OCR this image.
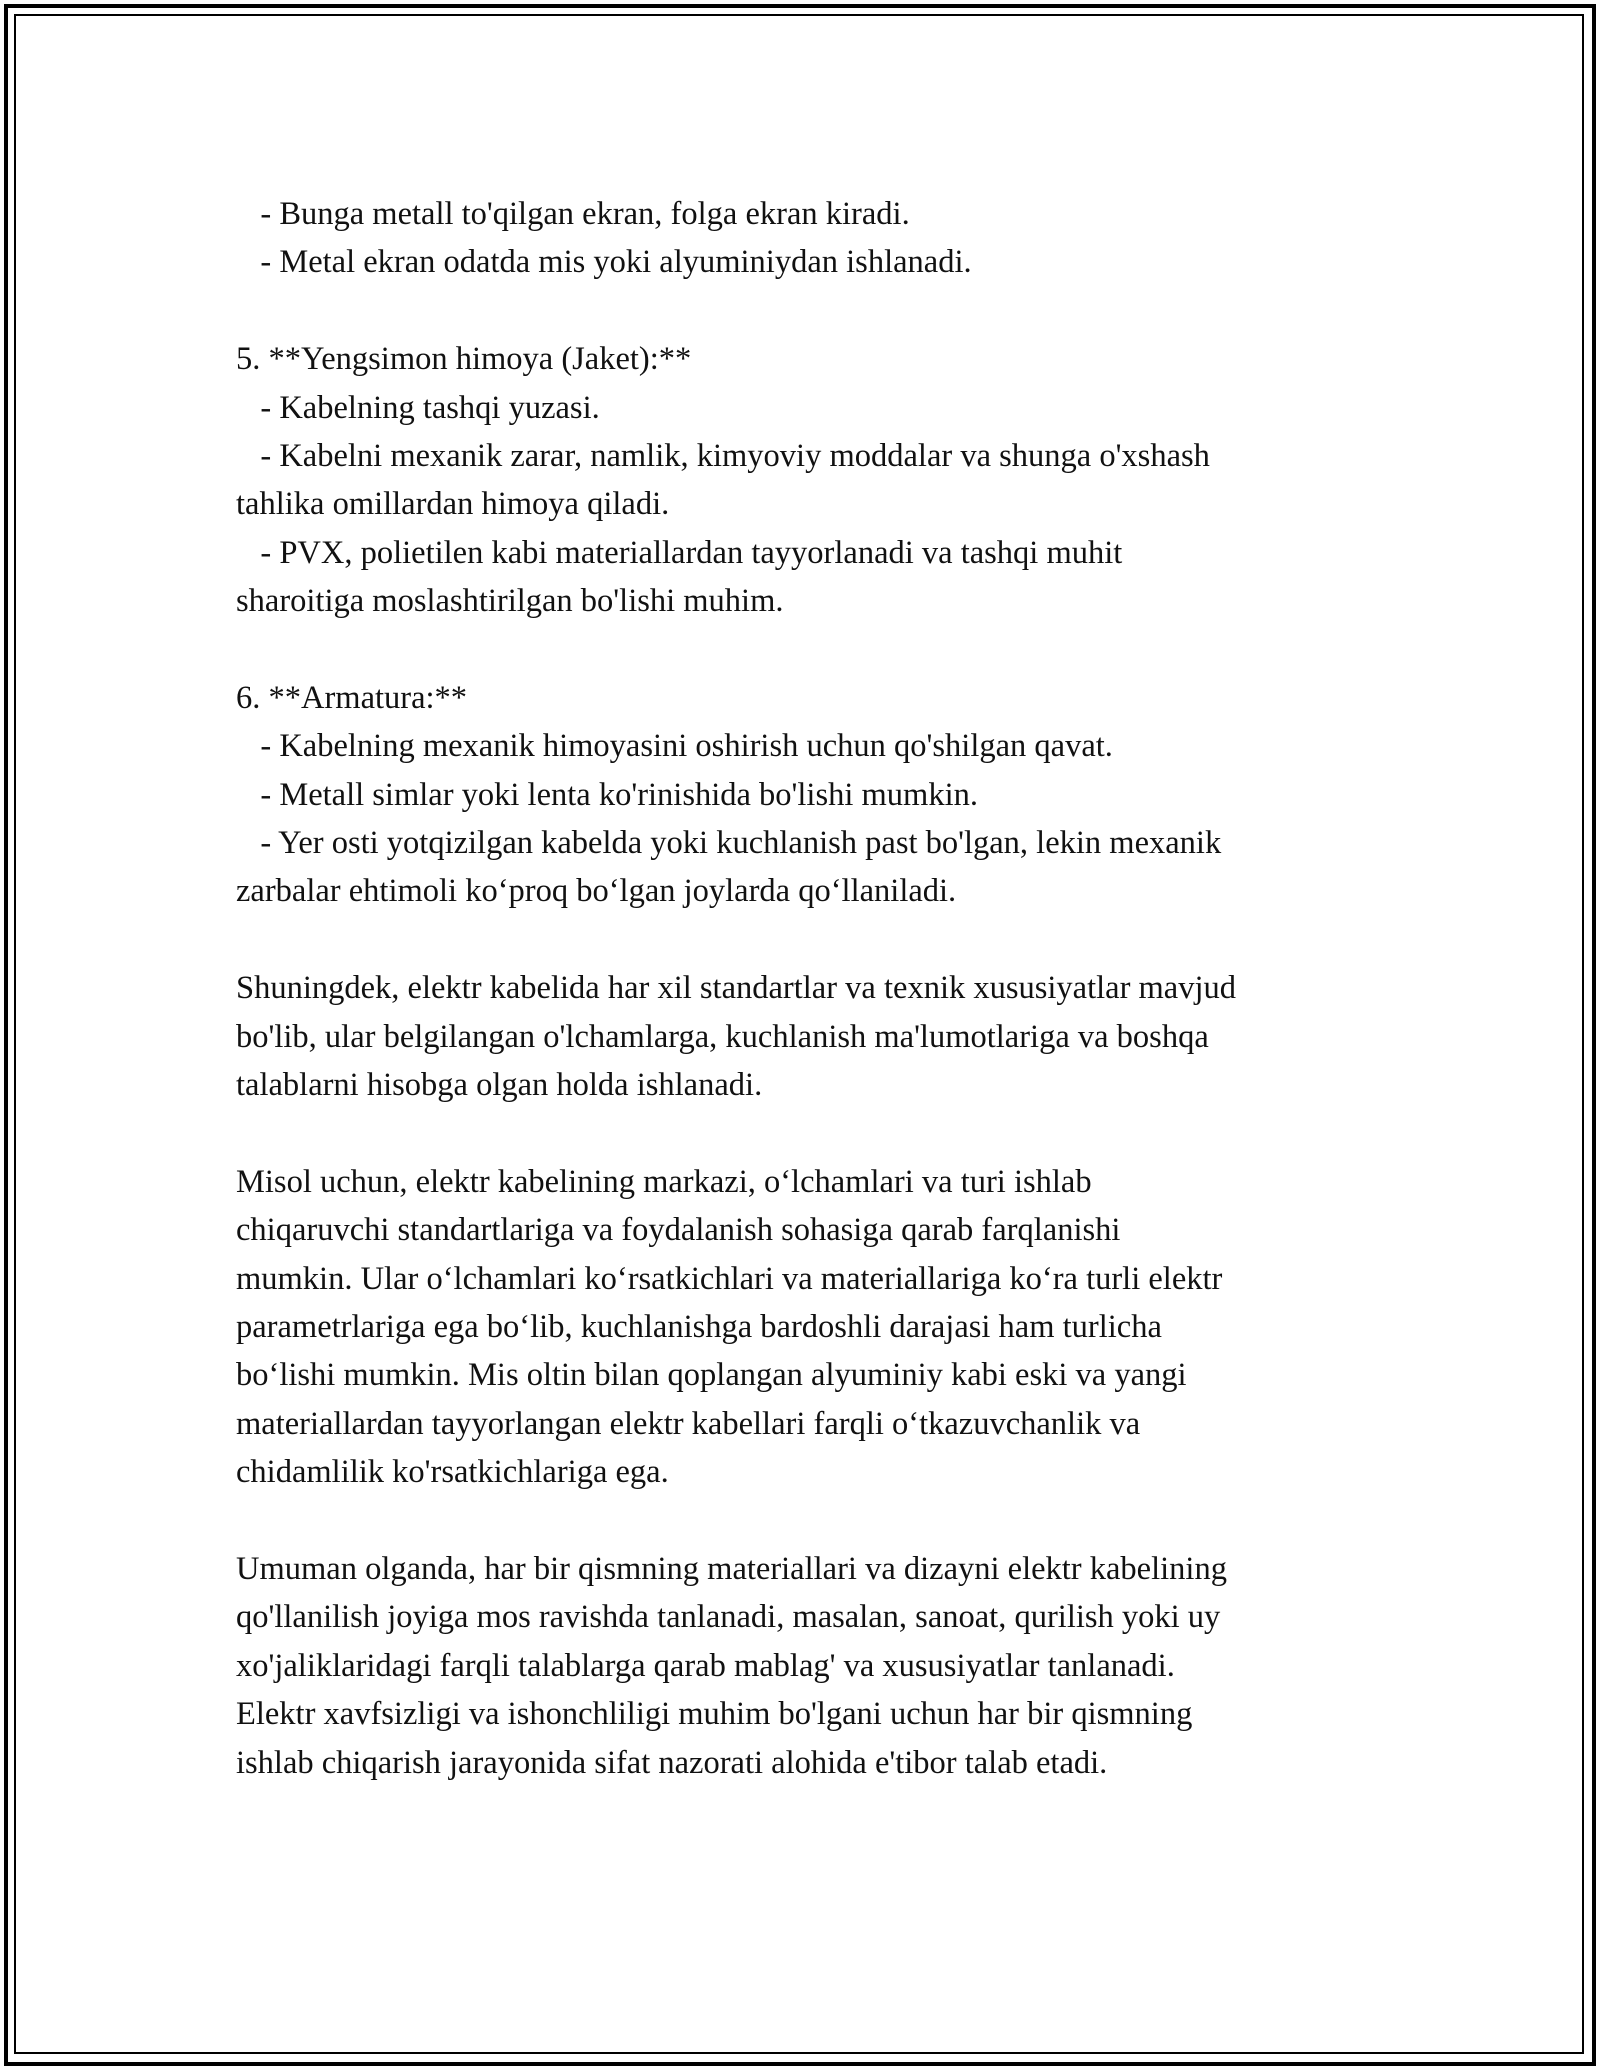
- Bunga metall to'qilgan ekran, folga ekran kiradi.
- Metal ekran odatda mis yoki alyuminiydan ishlanadi.
5. **Yengsimon himoya (Jaket):**
- Kabelning tashqi yuzasi.
- Kabelni mexanik zarar, namlik, kimyoviy moddalar va shunga o'xshash
tahlika omillardan himoya qiladi.
- PVX, polietilen kabi materiallardan tayyorlanadi va tashqi muhit
sharoitiga moslashtirilgan bo'lishi muhim.
6. **Armatura:**
- Kabelning mexanik himoyasini oshirish uchun qo'shilgan qavat.
- Metall simlar yoki lenta ko'rinishida bo'lishi mumkin.
- Yer osti yotqizilgan kabelda yoki kuchlanish past bo'lgan, lekin mexanik
zarbalar ehtimoli koʻproq boʻlgan joylarda qoʻllaniladi.
Shuningdek, elektr kabelida har xil standartlar va texnik xususiyatlar mavjud
bo'lib, ular belgilangan o'lchamlarga, kuchlanish ma'lumotlariga va boshqa
talablarni hisobga olgan holda ishlanadi.
Misol uchun, elektr kabelining markazi, oʻlchamlari va turi ishlab
chiqaruvchi standartlariga va foydalanish sohasiga qarab farqlanishi
mumkin. Ular oʻlchamlari koʻrsatkichlari va materiallariga koʻra turli elektr
parametrlariga ega boʻlib, kuchlanishga bardoshli darajasi ham turlicha
boʻlishi mumkin. Mis oltin bilan qoplangan alyuminiy kabi eski va yangi
materiallardan tayyorlangan elektr kabellari farqli oʻtkazuvchanlik va
chidamlilik ko'rsatkichlariga ega.
Umuman olganda, har bir qismning materiallari va dizayni elektr kabelining
qo'llanilish joyiga mos ravishda tanlanadi, masalan, sanoat, qurilish yoki uy
xo'jaliklaridagi farqli talablarga qarab mablag' va xususiyatlar tanlanadi.
Elektr xavfsizligi va ishonchliligi muhim bo'lgani uchun har bir qismning
ishlab chiqarish jarayonida sifat nazorati alohida e'tibor talab etadi.
